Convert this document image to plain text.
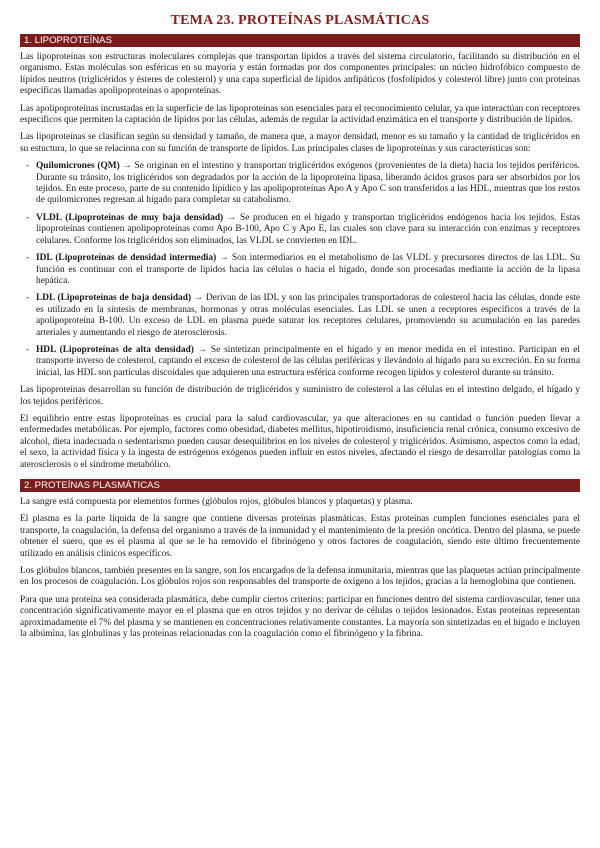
TEMA 23. PROTEÍNAS PLASMÁTICAS
1. LIPOPROTEÍNAS

Las lipoproteínas son estructuras moleculares complejas que transportan lípidos a través del sistema circulatorio, facilitando su distribución en el organismo. Estas moléculas son esféricas en su mayoría y están formadas por dos componentes principales: un núcleo hidrofóbico compuesto de lípidos neutros (triglicéridos y ésteres de colesterol) y una capa superficial de lípidos anfipáticos (fosfolípidos y colesterol libre) junto con proteínas específicas llamadas apolipoproteínas o apoproteínas.

Las apolipoproteínas incrustadas en la superficie de las lipoproteínas son esenciales para el reconocimiento celular, ya que interactúan con receptores específicos que permiten la captación de lípidos por las células, además de regular la actividad enzimática en el transporte y distribución de lípidos.

Las lipoproteínas se clasifican según su densidad y tamaño, de manera que, a mayor densidad, menor es su tamaño y la cantidad de triglicéridos en su estuctura, lo que se relaciona con su función de transporte de lípidos. Las principales clases de lipoproteínas y sus características son:

- Quilomicrones (QM) → Se originan en el intestino y transportan triglicéridos exógenos (provenientes de la dieta) hacia los tejidos periféricos. Durante su tránsito, los triglicéridos son degradados por la acción de la lipoproteína lipasa, liberando ácidos grasos para ser absorbidos por los tejidos. En este proceso, parte de su contenido lipídico y las apolipoproteínas Apo A y Apo C son transferidos a las HDL, mientras que los restos de quilomicrones regresan al hígado para completar su catabolismo.
- VLDL (Lipoproteínas de muy baja densidad) → Se producen en el hígado y transportan triglicéridos endógenos hacia los tejidos. Estas lipoproteínas contienen apolipoproteínas como Apo B-100, Apo C y Apo E, las cuales son clave para su interacción con enzimas y receptores celulares. Conforme los triglicéridos son eliminados, las VLDL se convierten en IDL.
- IDL (Lipoproteínas de densidad intermedia) → Son intermediarios en el metabolismo de las VLDL y precursores directos de las LDL. Su función es continuar con el transporte de lípidos hacia las células o hacia el hígado, donde son procesadas mediante la acción de la lipasa hepática.
- LDL (Lipoproteínas de baja densidad) → Derivan de las IDL y son las principales transportadoras de colesterol hacia las células, donde este es utilizado en la síntesis de membranas, hormonas y otras moléculas esenciales. Las LDL se unen a receptores específicos a través de la apolipoproteína B-100. Un exceso de LDL en plasma puede saturar los receptores celulares, promoviendo su acumulación en las paredes arteriales y aumentando el riesgo de aterosclerosis.
- HDL (Lipoproteínas de alta densidad) → Se sintetizan principalmente en el hígado y en menor medida en el intestino. Participan en el transporte inverso de colesterol, captando el exceso de colesterol de las células periféricas y llevándolo al hígado para su excreción. En su forma inicial, las HDL son partículas discoidales que adquieren una estructura esférica conforme recogen lípidos y colesterol durante su tránsito.

Las lipoproteínas desarrollan su función de distribución de triglicéridos y suministro de colesterol a las células en el intestino delgado, el hígado y los tejidos periféricos.

El equilibrio entre estas lipoproteínas es crucial para la salud cardiovascular, ya que alteraciones en su cantidad o función pueden llevar a enfermedades metabólicas. Por ejemplo, factores como obesidad, diabetes mellitus, hipotiroidismo, insuficiencia renal crónica, consumo excesivo de alcohol, dieta inadecuada o sedentarismo pueden causar desequilibrios en los niveles de colesterol y triglicéridos. Asimismo, aspectos como la edad, el sexo, la actividad física y la ingesta de estrógenos exógenos pueden influir en estos niveles, afectando el riesgo de desarrollar patologías como la aterosclerosis o el síndrome metabólico.

2. PROTEÍNAS PLASMÁTICAS

La sangre está compuesta por elementos formes (glóbulos rojos, glóbulos blancos y plaquetas) y plasma.

El plasma es la parte líquida de la sangre que contiene diversas proteínas plasmáticas. Estas proteínas cumplen funciones esenciales para el transporte, la coagulación, la defensa del organismo a través de la inmunidad y el mantenimiento de la presión oncótica. Dentro del plasma, se puede obtener el suero, que es el plasma al que se le ha removido el fibrinógeno y otros factores de coagulación, siendo este último frecuentemente utilizado en análisis clínicos específicos.

Los glóbulos blancos, también presentes en la sangre, son los encargados de la defensa inmunitaria, mientras que las plaquetas actúan principalmente en los procesos de coagulación. Los glóbulos rojos son responsables del transporte de oxígeno a los tejidos, gracias a la hemoglobina que contienen.

Para que una proteína sea considerada plasmática, debe cumplir ciertos criterios: participar en funciones dentro del sistema cardiovascular, tener una concentración significativamente mayor en el plasma que en otros tejidos y no derivar de células o tejidos lesionados. Estas proteínas representan aproximadamente el 7% del plasma y se mantienen en concentraciones relativamente constantes. La mayoría son sintetizadas en el hígado e incluyen la albúmina, las globulinas y las proteínas relacionadas con la coagulación como el fibrinógeno y la fibrina.
